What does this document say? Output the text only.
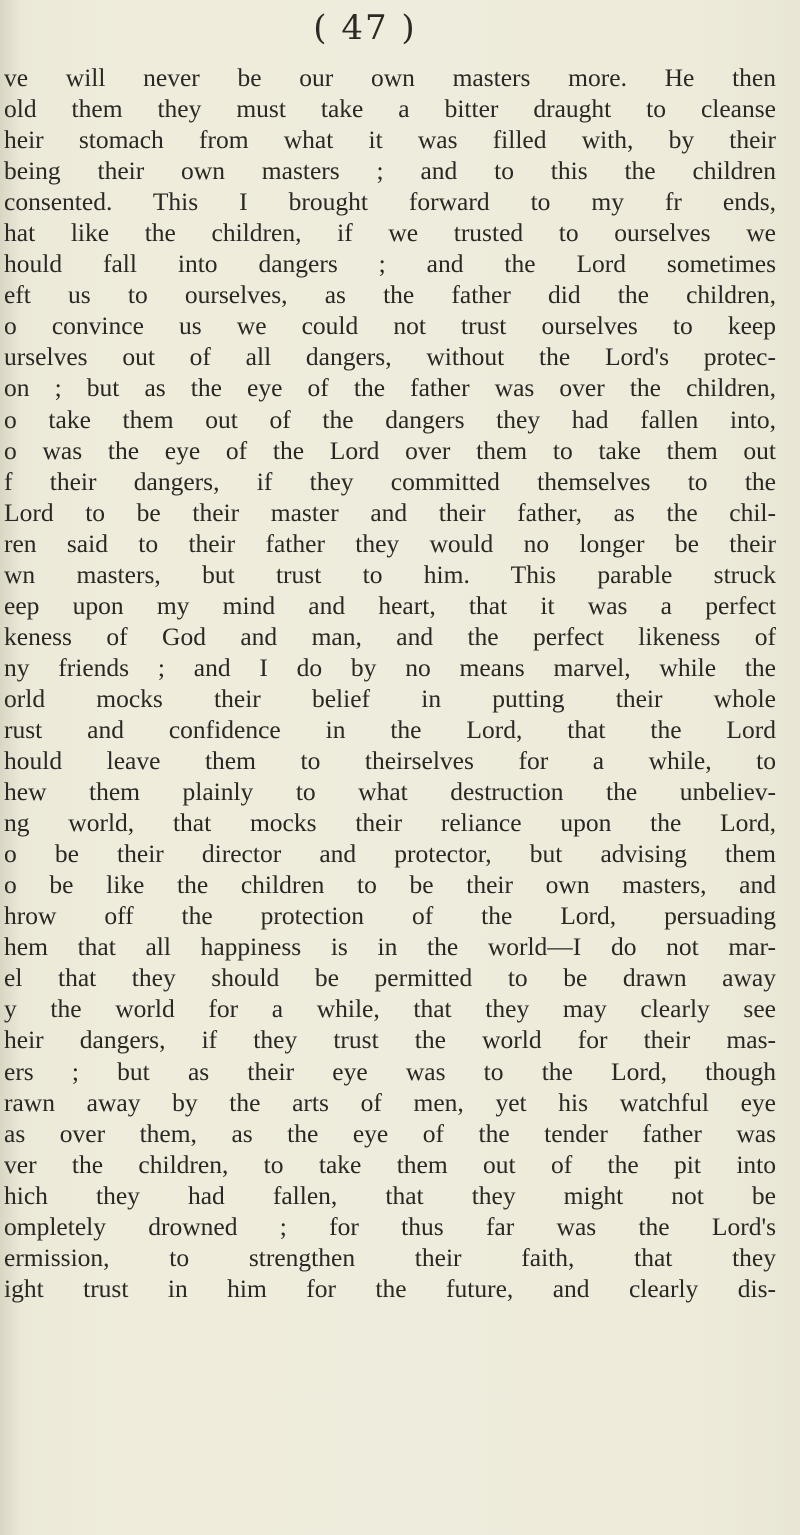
( 47 )
ve will never be our own masters more. He then
old them they must take a bitter draught to cleanse
heir stomach from what it was filled with, by their
being their own masters ; and to this the children
consented. This I brought forward to my fr ends,
hat like the children, if we trusted to ourselves we
hould fall into dangers ; and the Lord sometimes
eft us to ourselves, as the father did the children,
o convince us we could not trust ourselves to keep
urselves out of all dangers, without the Lord's protec-
on ; but as the eye of the father was over the children,
o take them out of the dangers they had fallen into,
o was the eye of the Lord over them to take them out
f their dangers, if they committed themselves to the
Lord to be their master and their father, as the chil-
ren said to their father they would no longer be their
wn masters, but trust to him. This parable struck
eep upon my mind and heart, that it was a perfect
keness of God and man, and the perfect likeness of
ny friends ; and I do by no means marvel, while the
orld mocks their belief in putting their whole
rust and confidence in the Lord, that the Lord
hould leave them to theirselves for a while, to
hew them plainly to what destruction the unbeliev-
ng world, that mocks their reliance upon the Lord,
o be their director and protector, but advising them
o be like the children to be their own masters, and
hrow off the protection of the Lord, persuading
hem that all happiness is in the world—I do not mar-
el that they should be permitted to be drawn away
y the world for a while, that they may clearly see
heir dangers, if they trust the world for their mas-
ers ; but as their eye was to the Lord, though
rawn away by the arts of men, yet his watchful eye
as over them, as the eye of the tender father was
ver the children, to take them out of the pit into
hich they had fallen, that they might not be
ompletely drowned ; for thus far was the Lord's
ermission, to strengthen their faith, that they
ight trust in him for the future, and clearly dis-
